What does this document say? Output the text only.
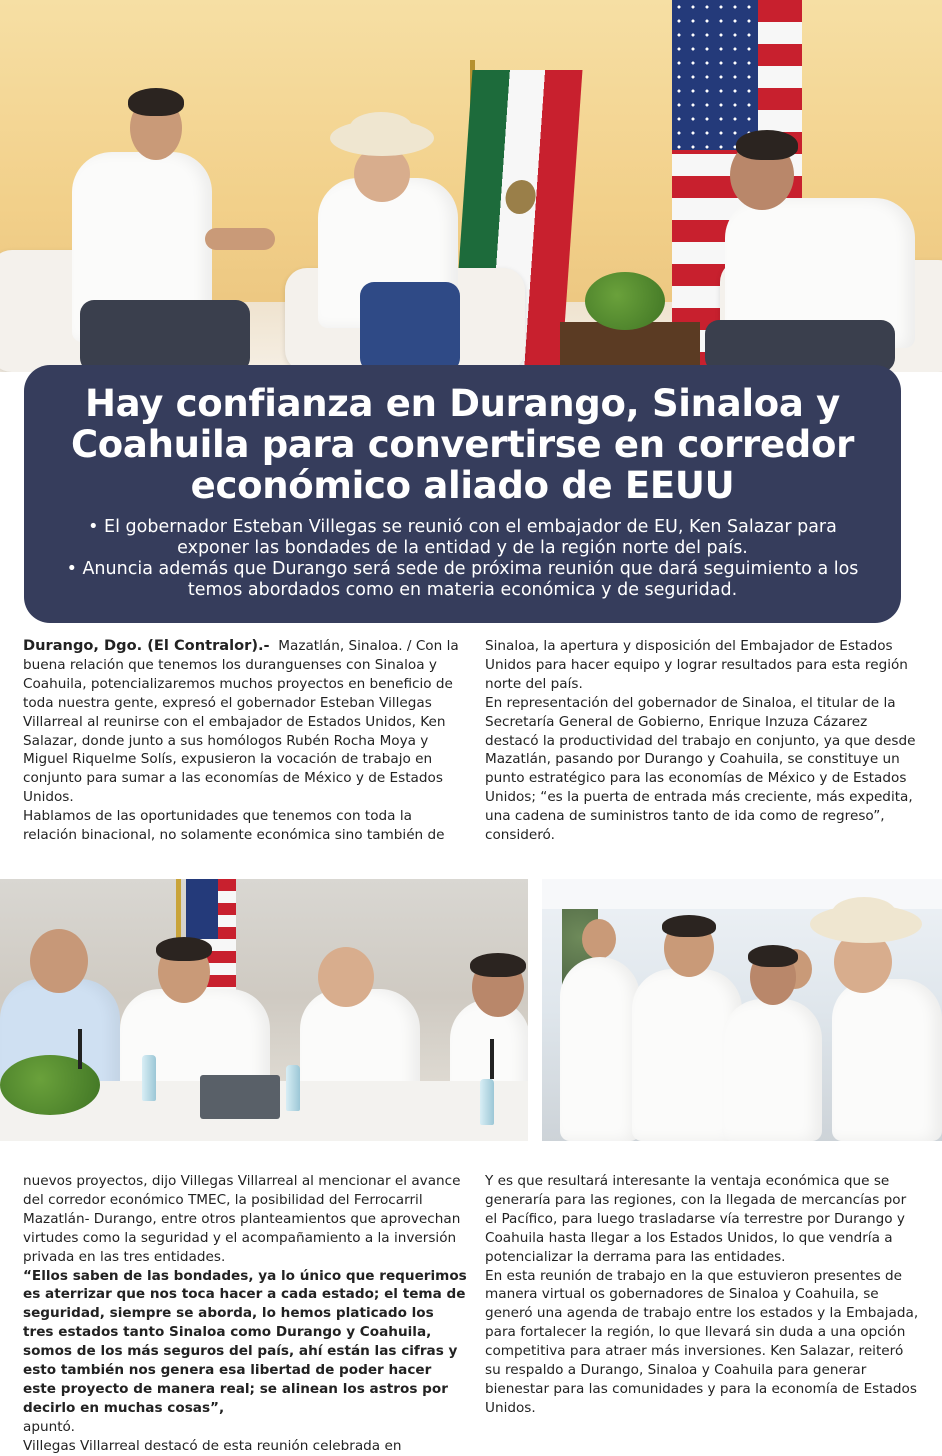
Hay confianza en Durango, Sinaloa y Coahuila para convertirse en corredor económico aliado de EEUU

• El gobernador Esteban Villegas se reunió con el embajador de EU, Ken Salazar para exponer las bondades de la entidad y de la región norte del país.

• Anuncia además que Durango será sede de próxima reunión que dará seguimiento a los temos abordados como en materia económica y de seguridad.

Durango, Dgo. (El Contralor).- Mazatlán, Sinaloa. / Con la buena relación que tenemos los duranguenses con Sinaloa y Coahuila, potencializaremos muchos proyectos en beneficio de toda nuestra gente, expresó el gobernador Esteban Villegas Villarreal al reunirse con el embajador de Estados Unidos, Ken Salazar, donde junto a sus homólogos Rubén Rocha Moya y Miguel Riquelme Solís, expusieron la vocación de trabajo en conjunto para sumar a las economías de México y de Estados Unidos.

Hablamos de las oportunidades que tenemos con toda la relación binacional, no solamente económica sino también de

Sinaloa, la apertura y disposición del Embajador de Estados Unidos para hacer equipo y lograr resultados para esta región norte del país.

En representación del gobernador de Sinaloa, el titular de la Secretaría General de Gobierno, Enrique Inzuza Cázarez destacó la productividad del trabajo en conjunto, ya que desde Mazatlán, pasando por Durango y Coahuila, se constituye un punto estratégico para las economías de México y de Estados Unidos; “es la puerta de entrada más creciente, más expedita, una cadena de suministros tanto de ida como de regreso”, consideró.

nuevos proyectos, dijo Villegas Villarreal al mencionar el avance del corredor económico TMEC, la posibilidad del Ferrocarril Mazatlán- Durango, entre otros planteamientos que aprovechan virtudes como la seguridad y el acompañamiento a la inversión privada en las tres entidades.

“Ellos saben de las bondades, ya lo único que requerimos es aterrizar que nos toca hacer a cada estado; el tema de seguridad, siempre se aborda, lo hemos platicado los tres estados tanto Sinaloa como Durango y Coahuila, somos de los más seguros del país, ahí están las cifras y esto también nos genera esa libertad de poder hacer este proyecto de manera real; se alinean los astros por decirlo en muchas cosas”,

apuntó.

Villegas Villarreal destacó de esta reunión celebrada en

Y es que resultará interesante la ventaja económica que se generaría para las regiones, con la llegada de mercancías por el Pacífico, para luego trasladarse vía terrestre por Durango y Coahuila hasta llegar a los Estados Unidos, lo que vendría a potencializar la derrama para las entidades.

En esta reunión de trabajo en la que estuvieron presentes de manera virtual os gobernadores de Sinaloa y Coahuila, se generó una agenda de trabajo entre los estados y la Embajada, para fortalecer la región, lo que llevará sin duda a una opción competitiva para atraer más inversiones. Ken Salazar, reiteró su respaldo a Durango, Sinaloa y Coahuila para generar bienestar para las comunidades y para la economía de Estados Unidos.
